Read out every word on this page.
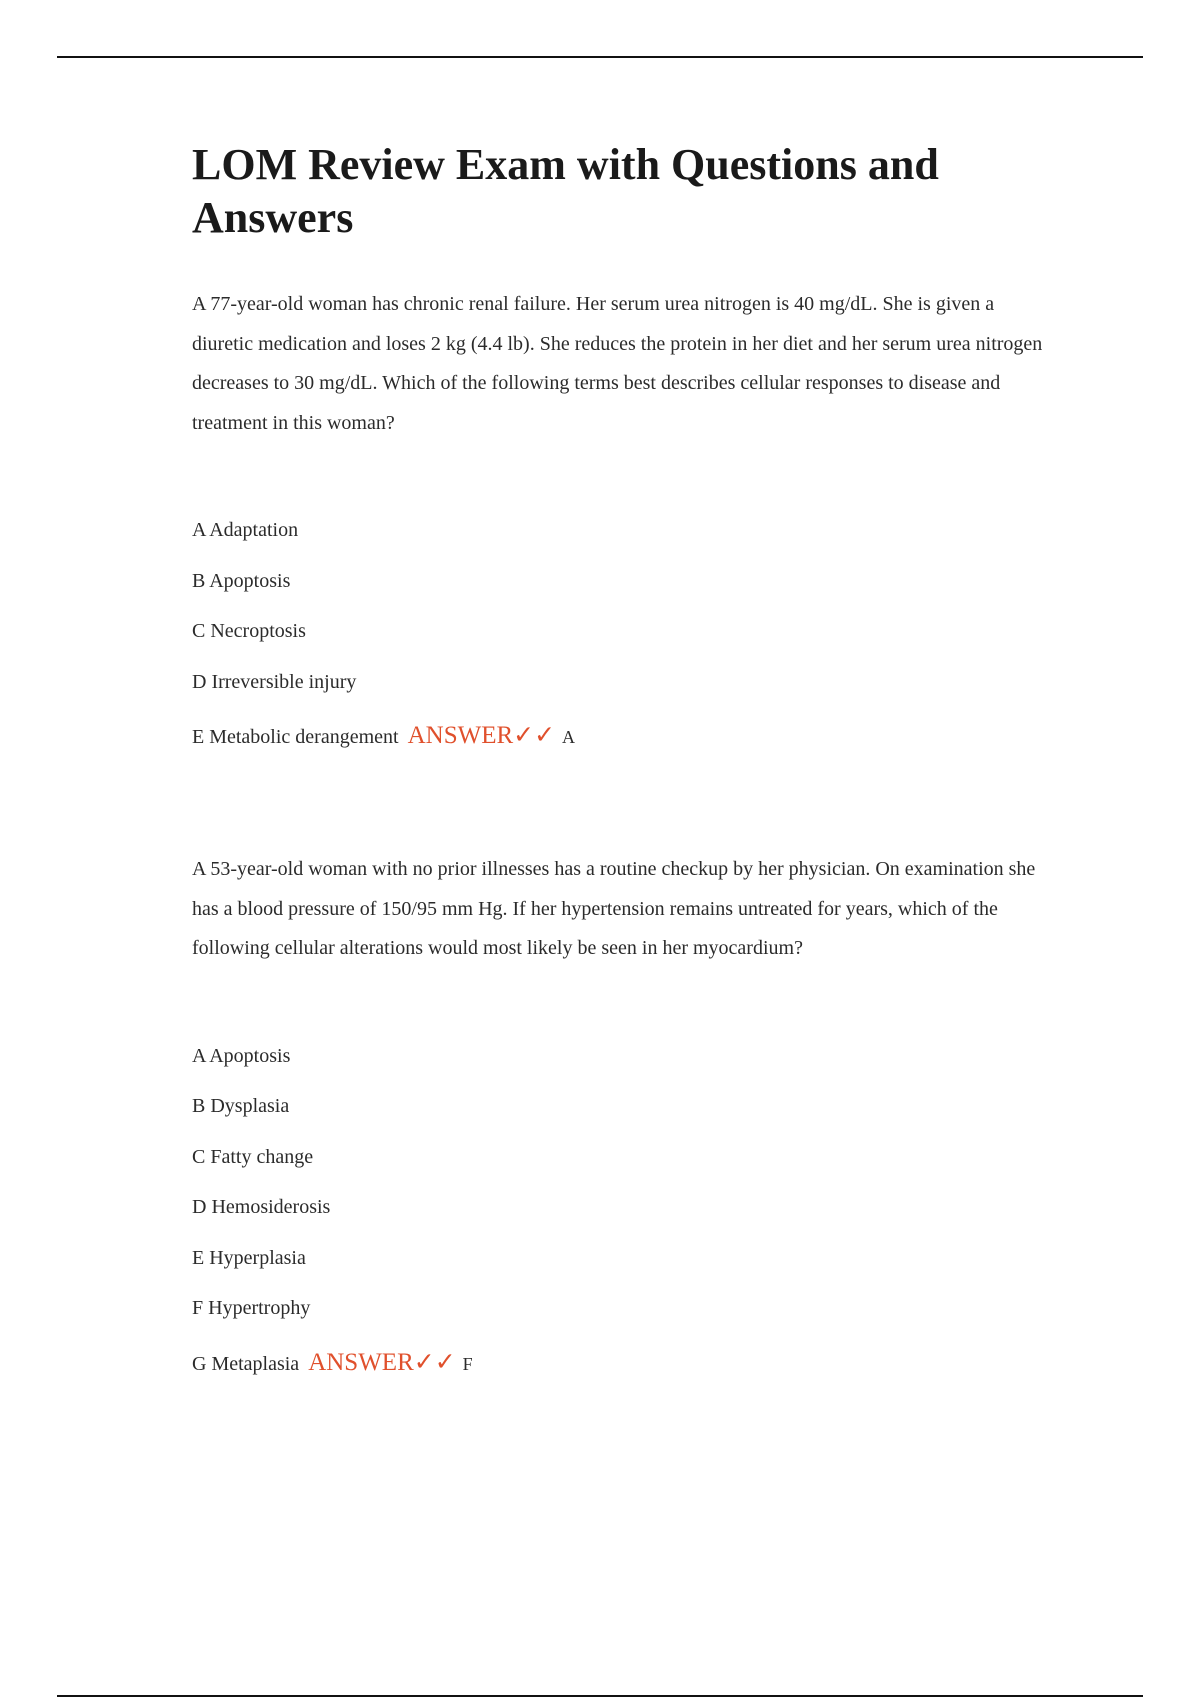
LOM Review Exam with Questions and Answers

A 77-year-old woman has chronic renal failure. Her serum urea nitrogen is 40 mg/dL. She is given a diuretic medication and loses 2 kg (4.4 lb). She reduces the protein in her diet and her serum urea nitrogen decreases to 30 mg/dL. Which of the following terms best describes cellular responses to disease and treatment in this woman?

A Adaptation
B Apoptosis
C Necroptosis
D Irreversible injury
E Metabolic derangement ANSWER✓✓ A

A 53-year-old woman with no prior illnesses has a routine checkup by her physician. On examination she has a blood pressure of 150/95 mm Hg. If her hypertension remains untreated for years, which of the following cellular alterations would most likely be seen in her myocardium?

A Apoptosis
B Dysplasia
C Fatty change
D Hemosiderosis
E Hyperplasia
F Hypertrophy
G Metaplasia ANSWER✓✓ F
